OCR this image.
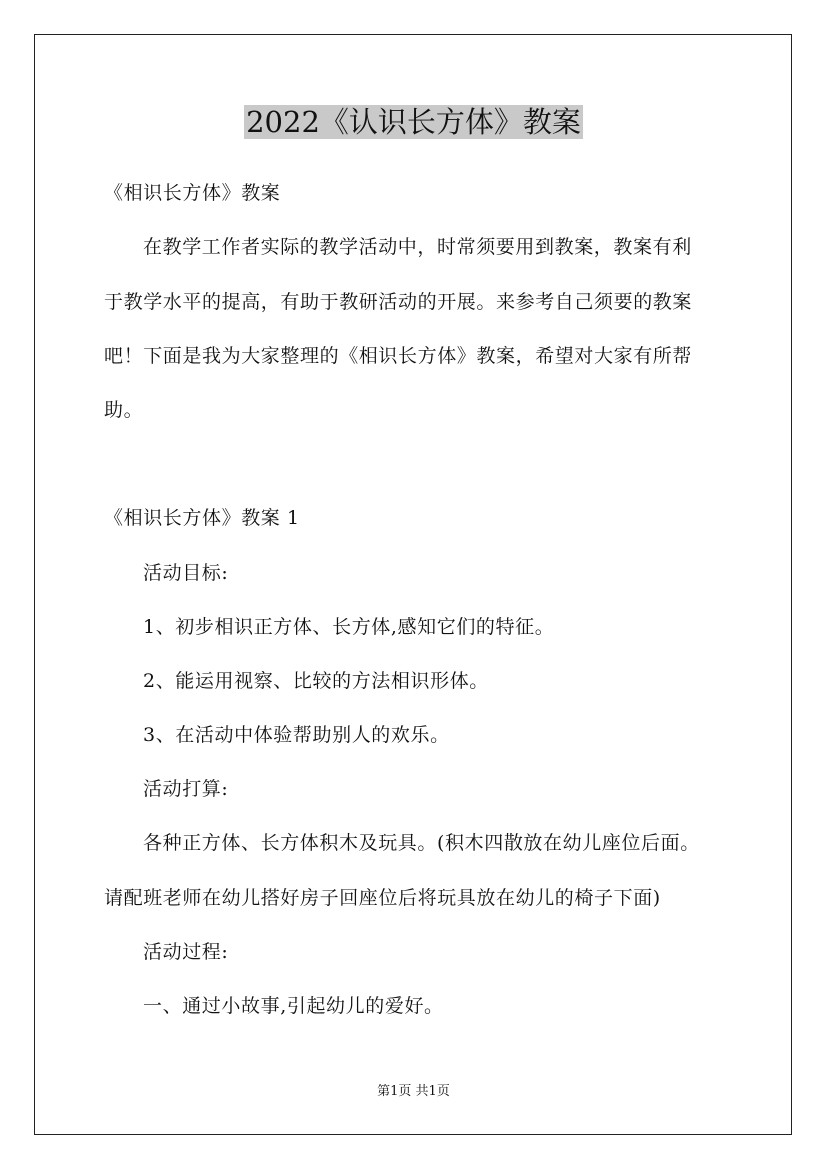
2022《认识长方体》教案

《相识长方体》教案

在教学工作者实际的教学活动中，时常须要用到教案，教案有利

于教学水平的提高，有助于教研活动的开展。来参考自己须要的教案

吧！下面是我为大家整理的《相识长方体》教案，希望对大家有所帮

助。

《相识长方体》教案 1

活动目标:

1、初步相识正方体、长方体,感知它们的特征。

2、能运用视察、比较的方法相识形体。

3、在活动中体验帮助别人的欢乐。

活动打算:

各种正方体、长方体积木及玩具。(积木四散放在幼儿座位后面。

请配班老师在幼儿搭好房子回座位后将玩具放在幼儿的椅子下面)

活动过程:

一、通过小故事,引起幼儿的爱好。

第1页 共1页
